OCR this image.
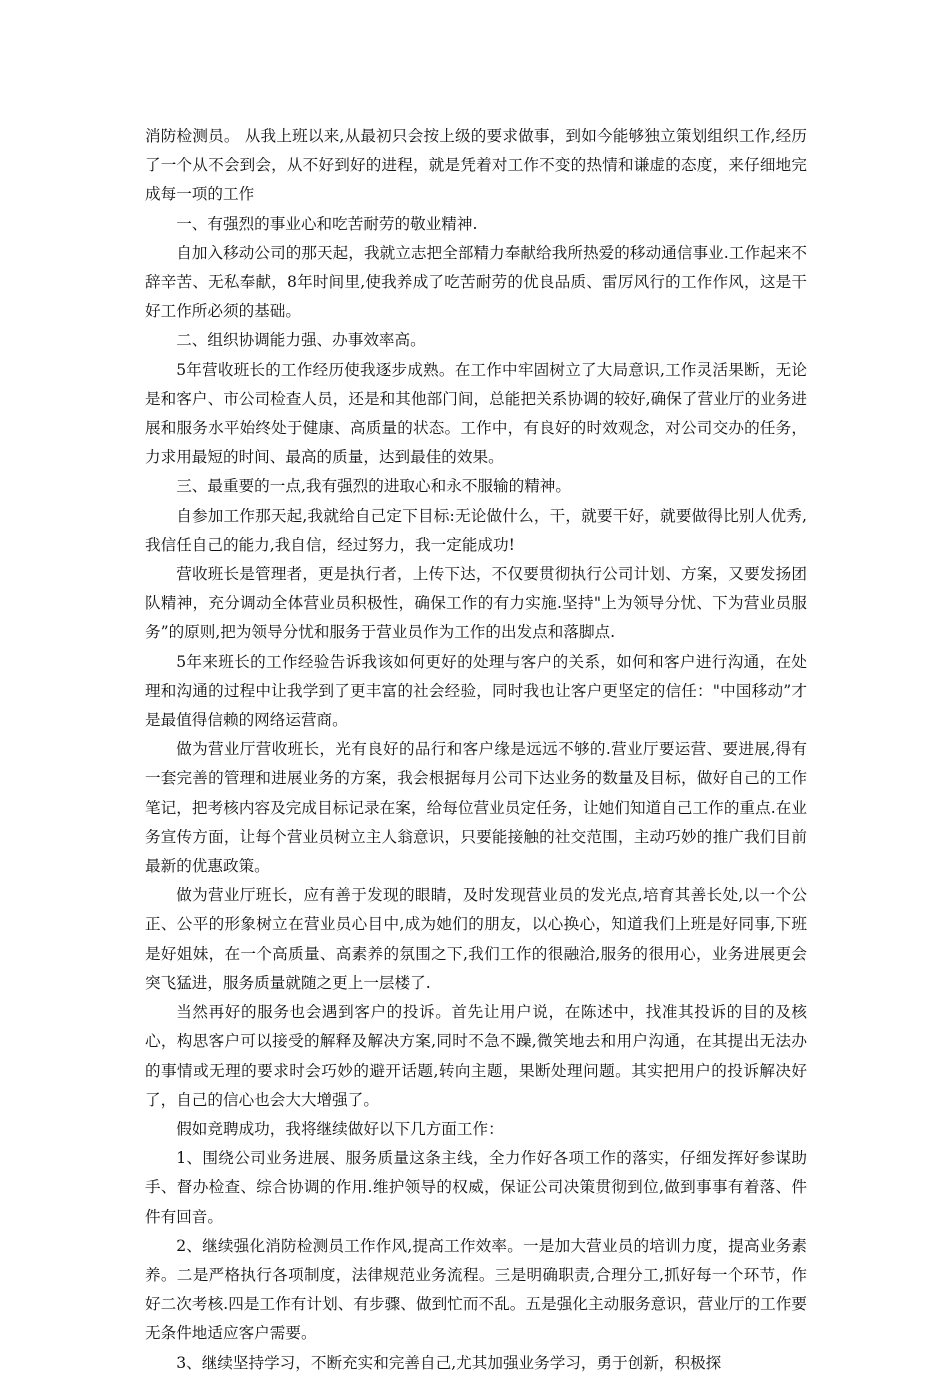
消防检测员。 从我上班以来,从最初只会按上级的要求做事，到如今能够独立策划组织工作,经历了一个从不会到会，从不好到好的进程，就是凭着对工作不变的热情和谦虚的态度，来仔细地完成每一项的工作

一、有强烈的事业心和吃苦耐劳的敬业精神.

自加入移动公司的那天起，我就立志把全部精力奉献给我所热爱的移动通信事业.工作起来不辞辛苦、无私奉献，8年时间里,使我养成了吃苦耐劳的优良品质、雷厉风行的工作作风，这是干好工作所必须的基础。

二、组织协调能力强、办事效率高。

5年营收班长的工作经历使我逐步成熟。在工作中牢固树立了大局意识,工作灵活果断，无论是和客户、市公司检查人员，还是和其他部门间，总能把关系协调的较好,确保了营业厅的业务进展和服务水平始终处于健康、高质量的状态。工作中，有良好的时效观念，对公司交办的任务，力求用最短的时间、最高的质量，达到最佳的效果。

三、最重要的一点,我有强烈的进取心和永不服输的精神。

自参加工作那天起,我就给自己定下目标:无论做什么，干，就要干好，就要做得比别人优秀,我信任自己的能力,我自信，经过努力，我一定能成功!

营收班长是管理者，更是执行者，上传下达，不仅要贯彻执行公司计划、方案，又要发扬团队精神，充分调动全体营业员积极性，确保工作的有力实施.坚持"上为领导分忧、下为营业员服务”的原则,把为领导分忧和服务于营业员作为工作的出发点和落脚点.

5年来班长的工作经验告诉我该如何更好的处理与客户的关系，如何和客户进行沟通，在处理和沟通的过程中让我学到了更丰富的社会经验，同时我也让客户更坚定的信任："中国移动”才是最值得信赖的网络运营商。

做为营业厅营收班长，光有良好的品行和客户缘是远远不够的.营业厅要运营、要进展,得有一套完善的管理和进展业务的方案，我会根据每月公司下达业务的数量及目标，做好自己的工作笔记，把考核内容及完成目标记录在案，给每位营业员定任务，让她们知道自己工作的重点.在业务宣传方面，让每个营业员树立主人翁意识，只要能接触的社交范围，主动巧妙的推广我们目前最新的优惠政策。

做为营业厅班长，应有善于发现的眼睛，及时发现营业员的发光点,培育其善长处,以一个公正、公平的形象树立在营业员心目中,成为她们的朋友，以心换心，知道我们上班是好同事,下班是好姐妹，在一个高质量、高素养的氛围之下,我们工作的很融洽,服务的很用心，业务进展更会突飞猛进，服务质量就随之更上一层楼了.

当然再好的服务也会遇到客户的投诉。首先让用户说，在陈述中，找准其投诉的目的及核心，构思客户可以接受的解释及解决方案,同时不急不躁,微笑地去和用户沟通，在其提出无法办的事情或无理的要求时会巧妙的避开话题,转向主题，果断处理问题。其实把用户的投诉解决好了，自己的信心也会大大增强了。

假如竞聘成功，我将继续做好以下几方面工作：

1、围绕公司业务进展、服务质量这条主线，全力作好各项工作的落实，仔细发挥好参谋助手、督办检查、综合协调的作用.维护领导的权威，保证公司决策贯彻到位,做到事事有着落、件件有回音。

2、继续强化消防检测员工作作风,提高工作效率。一是加大营业员的培训力度，提高业务素养。二是严格执行各项制度，法律规范业务流程。三是明确职责,合理分工,抓好每一个环节，作好二次考核.四是工作有计划、有步骤、做到忙而不乱。五是强化主动服务意识，营业厅的工作要无条件地适应客户需要。

3、继续坚持学习，不断充实和完善自己,尤其加强业务学习，勇于创新，积极探
